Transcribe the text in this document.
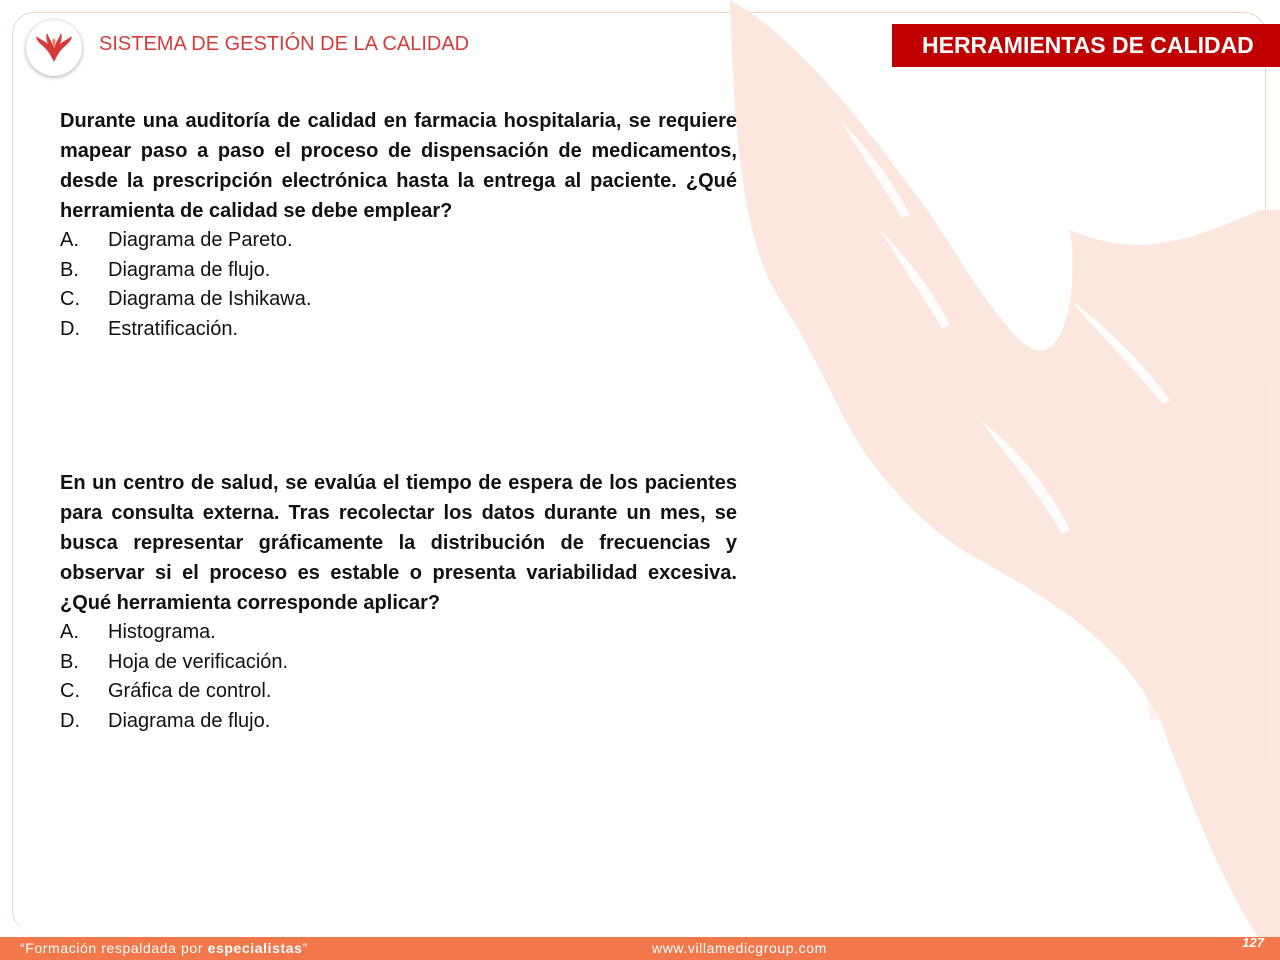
SISTEMA DE GESTIÓN DE LA CALIDAD	HERRAMIENTAS DE CALIDAD

Durante una auditoría de calidad en farmacia hospitalaria, se requiere mapear paso a paso el proceso de dispensación de medicamentos, desde la prescripción electrónica hasta la entrega al paciente. ¿Qué herramienta de calidad se debe emplear?

A.	Diagrama de Pareto.
B.	Diagrama de flujo.
C.	Diagrama de Ishikawa.
D.	Estratificación.

En un centro de salud, se evalúa el tiempo de espera de los pacientes para consulta externa. Tras recolectar los datos durante un mes, se busca representar gráficamente la distribución de frecuencias y observar si el proceso es estable o presenta variabilidad excesiva. ¿Qué herramienta corresponde aplicar?

A.	Histograma.
B.	Hoja de verificación.
C.	Gráfica de control.
D.	Diagrama de flujo.
“Formación respaldada por especialistas”	www.villamedicgroup.com	127
